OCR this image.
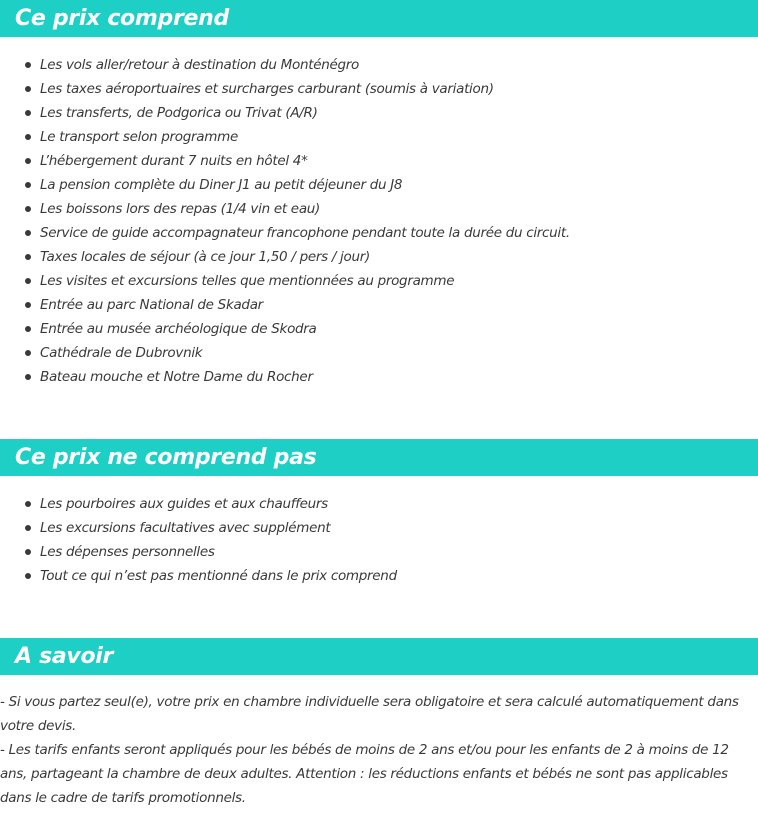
Ce prix comprend
Les vols aller/retour à destination du Monténégro
Les taxes aéroportuaires et surcharges carburant (soumis à variation)
Les transferts, de Podgorica ou Trivat (A/R)
Le transport selon programme
L’hébergement durant 7 nuits en hôtel 4*
La pension complète du Diner J1 au petit déjeuner du J8
Les boissons lors des repas (1/4 vin et eau)
Service de guide accompagnateur francophone pendant toute la durée du circuit.
Taxes locales de séjour (à ce jour 1,50 / pers / jour)
Les visites et excursions telles que mentionnées au programme
Entrée au parc National de Skadar
Entrée au musée archéologique de Skodra
Cathédrale de Dubrovnik
Bateau mouche et Notre Dame du Rocher
Ce prix ne comprend pas
Les pourboires aux guides et aux chauffeurs
Les excursions facultatives avec supplément
Les dépenses personnelles
Tout ce qui n’est pas mentionné dans le prix comprend
A savoir

- Si vous partez seul(e), votre prix en chambre individuelle sera obligatoire et sera calculé automatiquement dans votre devis.

- Les tarifs enfants seront appliqués pour les bébés de moins de 2 ans et/ou pour les enfants de 2 à moins de 12 ans, partageant la chambre de deux adultes. Attention : les réductions enfants et bébés ne sont pas applicables dans le cadre de tarifs promotionnels.
